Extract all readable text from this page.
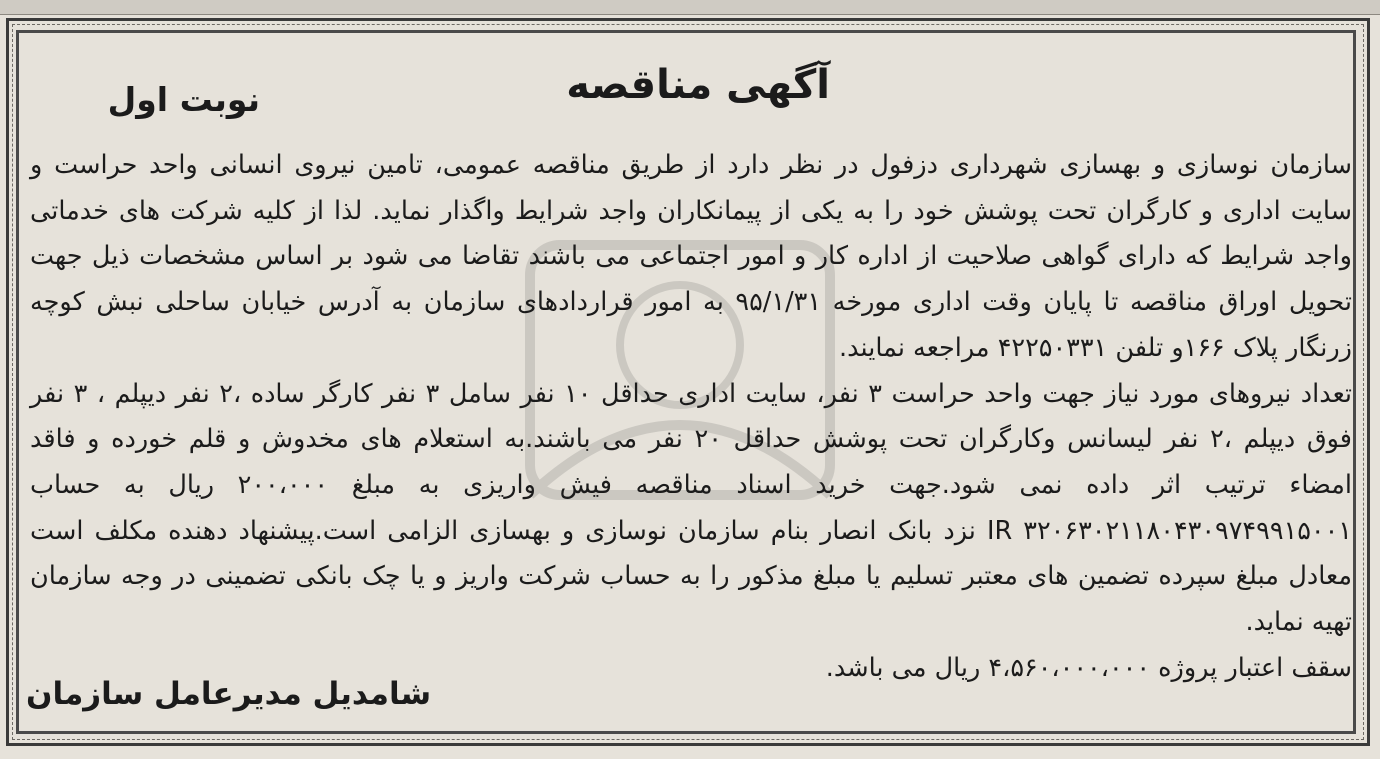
آگهی مناقصه
نوبت اول

سازمان نوسازی و بهسازی شهرداری دزفول در نظر دارد از طریق مناقصه عمومی، تامین نیروی انسانی واحد حراست و سایت اداری و کارگران تحت پوشش خود را به یکی از پیمانکاران واجد شرایط واگذار نماید. لذا از کلیه شرکت های خدماتی واجد شرایط که دارای گواهی صلاحیت از اداره کار و امور اجتماعی می باشند تقاضا می شود بر اساس مشخصات ذیل جهت تحویل اوراق مناقصه تا پایان وقت اداری مورخه ۹۵/۱/۳۱ به امور قراردادهای سازمان به آدرس خیابان ساحلی نبش کوچه زرنگار پلاک ۱۶۶و تلفن ۴۲۲۵۰۳۳۱ مراجعه نمایند.

تعداد نیروهای مورد نیاز جهت واحد حراست ۳ نفر، سایت اداری حداقل ۱۰ نفر سامل ۳ نفر کارگر ساده ،۲ نفر دیپلم ، ۳ نفر فوق دیپلم ،۲ نفر لیسانس وکارگران تحت پوشش حداقل ۲۰ نفر می باشند.به استعلام های مخدوش و قلم خورده و فاقد امضاء ترتیب اثر داده نمی شود.جهت خرید اسناد مناقصه فیش واریزی به مبلغ ۲۰۰،۰۰۰ ریال به حساب ۳۲۰۶۳۰۲۱۱۸۰۴۳۰۹۷۴۹۹۱۵۰۰۱ IR نزد بانک انصار بنام سازمان نوسازی و بهسازی الزامی است.پیشنهاد دهنده مکلف است معادل مبلغ سپرده تضمین های معتبر تسلیم یا مبلغ مذکور را به حساب شرکت واریز و یا چک بانکی تضمینی در وجه سازمان تهیه نماید.

سقف اعتبار پروژه ۴،۵۶۰،۰۰۰،۰۰۰ ریال می باشد.

شامدیل مدیرعامل سازمان
